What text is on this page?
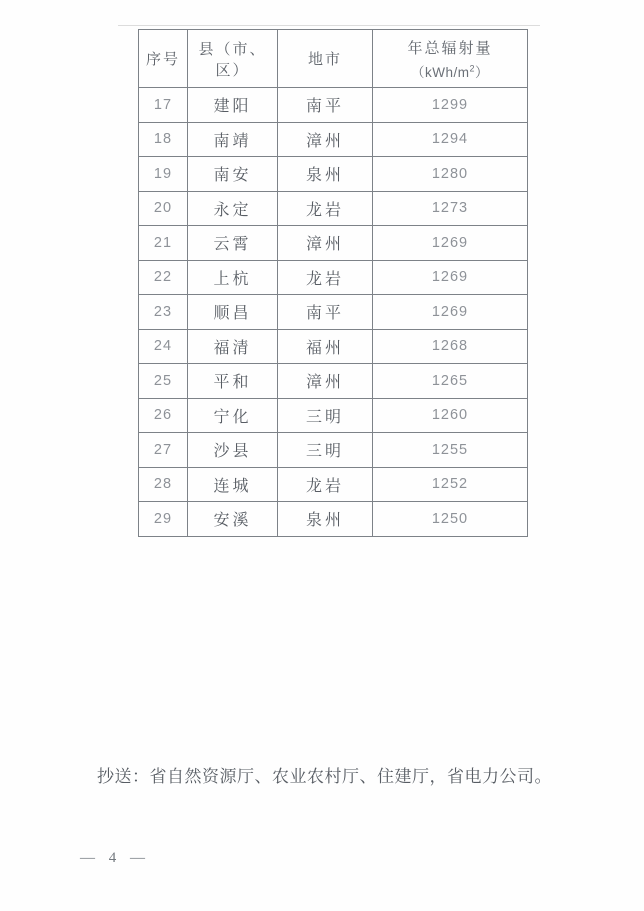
序号	县（市、区）	地市	年总辐射量
$(kWh/m^2)$

17	建阳	南平	1299
18	南靖	漳州	1294
19	南安	泉州	1280
20	永定	龙岩	1273
21	云霄	漳州	1269
22	上杭	龙岩	1269
23	顺昌	南平	1269
24	福清	福州	1268
25	平和	漳州	1265
26	宁化	三明	1260
27	沙县	三明	1255
28	连城	龙岩	1252
29	安溪	泉州	1250

抄送：省自然资源厅、农业农村厅、住建厅，省电力公司。

— 4 —
